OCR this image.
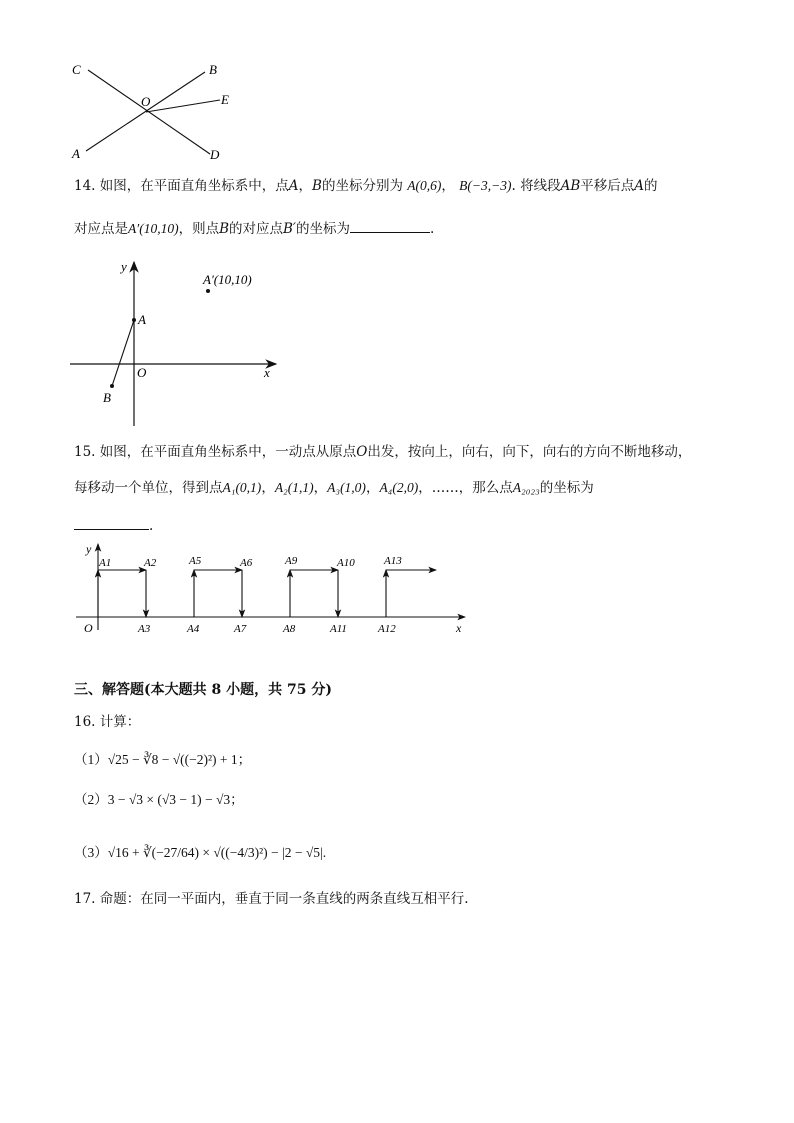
C	B
O	E
A	D
14. 如图，在平面直角坐标系中，点A，B的坐标分别为 A(0,6)， B(−3,−3). 将线段AB平移后点A的
对应点是A′(10,10)，则点B的对应点B′的坐标为	.
y
x
O
A
B
A′(10,10)
15. 如图，在平面直角坐标系中，一动点从原点O出发，按向上，向右，向下，向右的方向不断地移动，
每移动一个单位，得到点A₁(0,1)，A₂(1,1)，A₃(1,0)，A₄(2,0)，……，那么点A₂₀₂₃的坐标为
.
y
x
O
A1	A2	A5	A6	A9	A10	A13
A3	A4	A7	A8	A11	A12
三、解答题(本大题共 8 小题，共 75 分)
16. 计算：
（1）√25 − ∛8 − √((−2)²) + 1；
（2）3 − √3 × (√3 − 1) − √3；
（3）√16 + ∛(−27/64) × √((−4/3)²) − |2 − √5|.
17. 命题：在同一平面内，垂直于同一条直线的两条直线互相平行.
